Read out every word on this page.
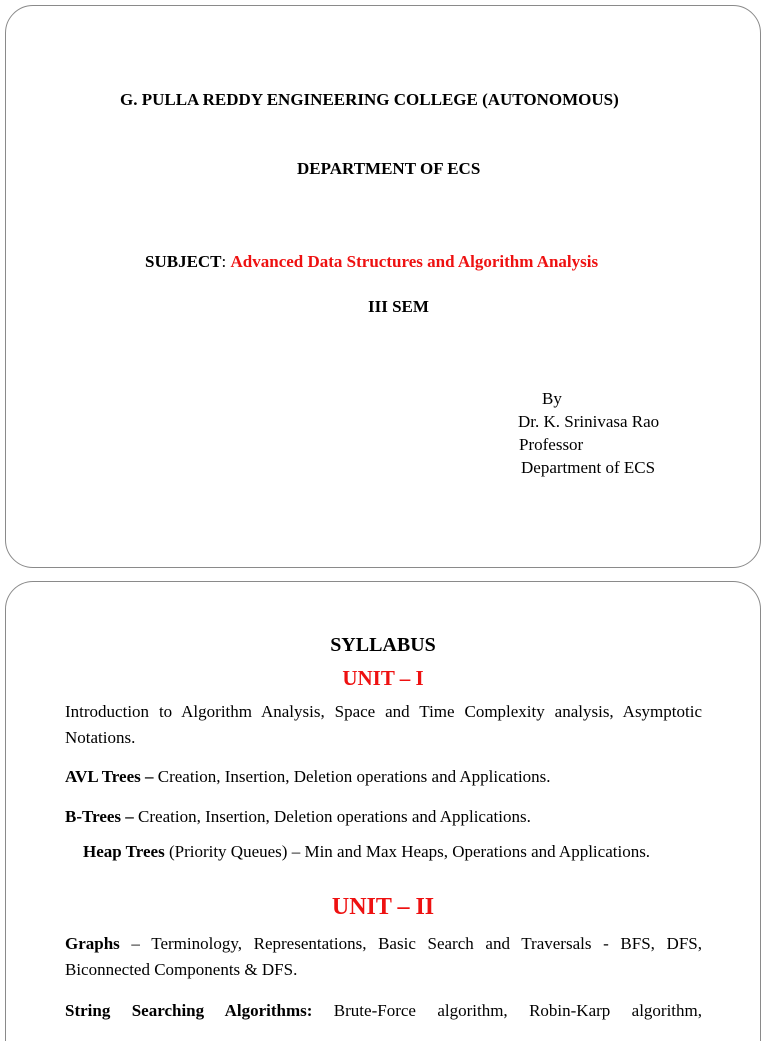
G. PULLA REDDY ENGINEERING COLLEGE (AUTONOMOUS)
DEPARTMENT OF ECS
SUBJECT: Advanced Data Structures and Algorithm Analysis
III SEM
By
Dr. K. Srinivasa Rao
Professor
Department of ECS
SYLLABUS
UNIT – I
Introduction to Algorithm Analysis, Space and Time Complexity analysis, Asymptotic Notations.
AVL Trees – Creation, Insertion, Deletion operations and Applications.
B-Trees – Creation, Insertion, Deletion operations and Applications.
Heap Trees (Priority Queues) – Min and Max Heaps, Operations and Applications.
UNIT – II
Graphs – Terminology, Representations, Basic Search and Traversals - BFS, DFS, Biconnected Components & DFS.
String Searching Algorithms: Brute-Force algorithm, Robin-Karp algorithm,
